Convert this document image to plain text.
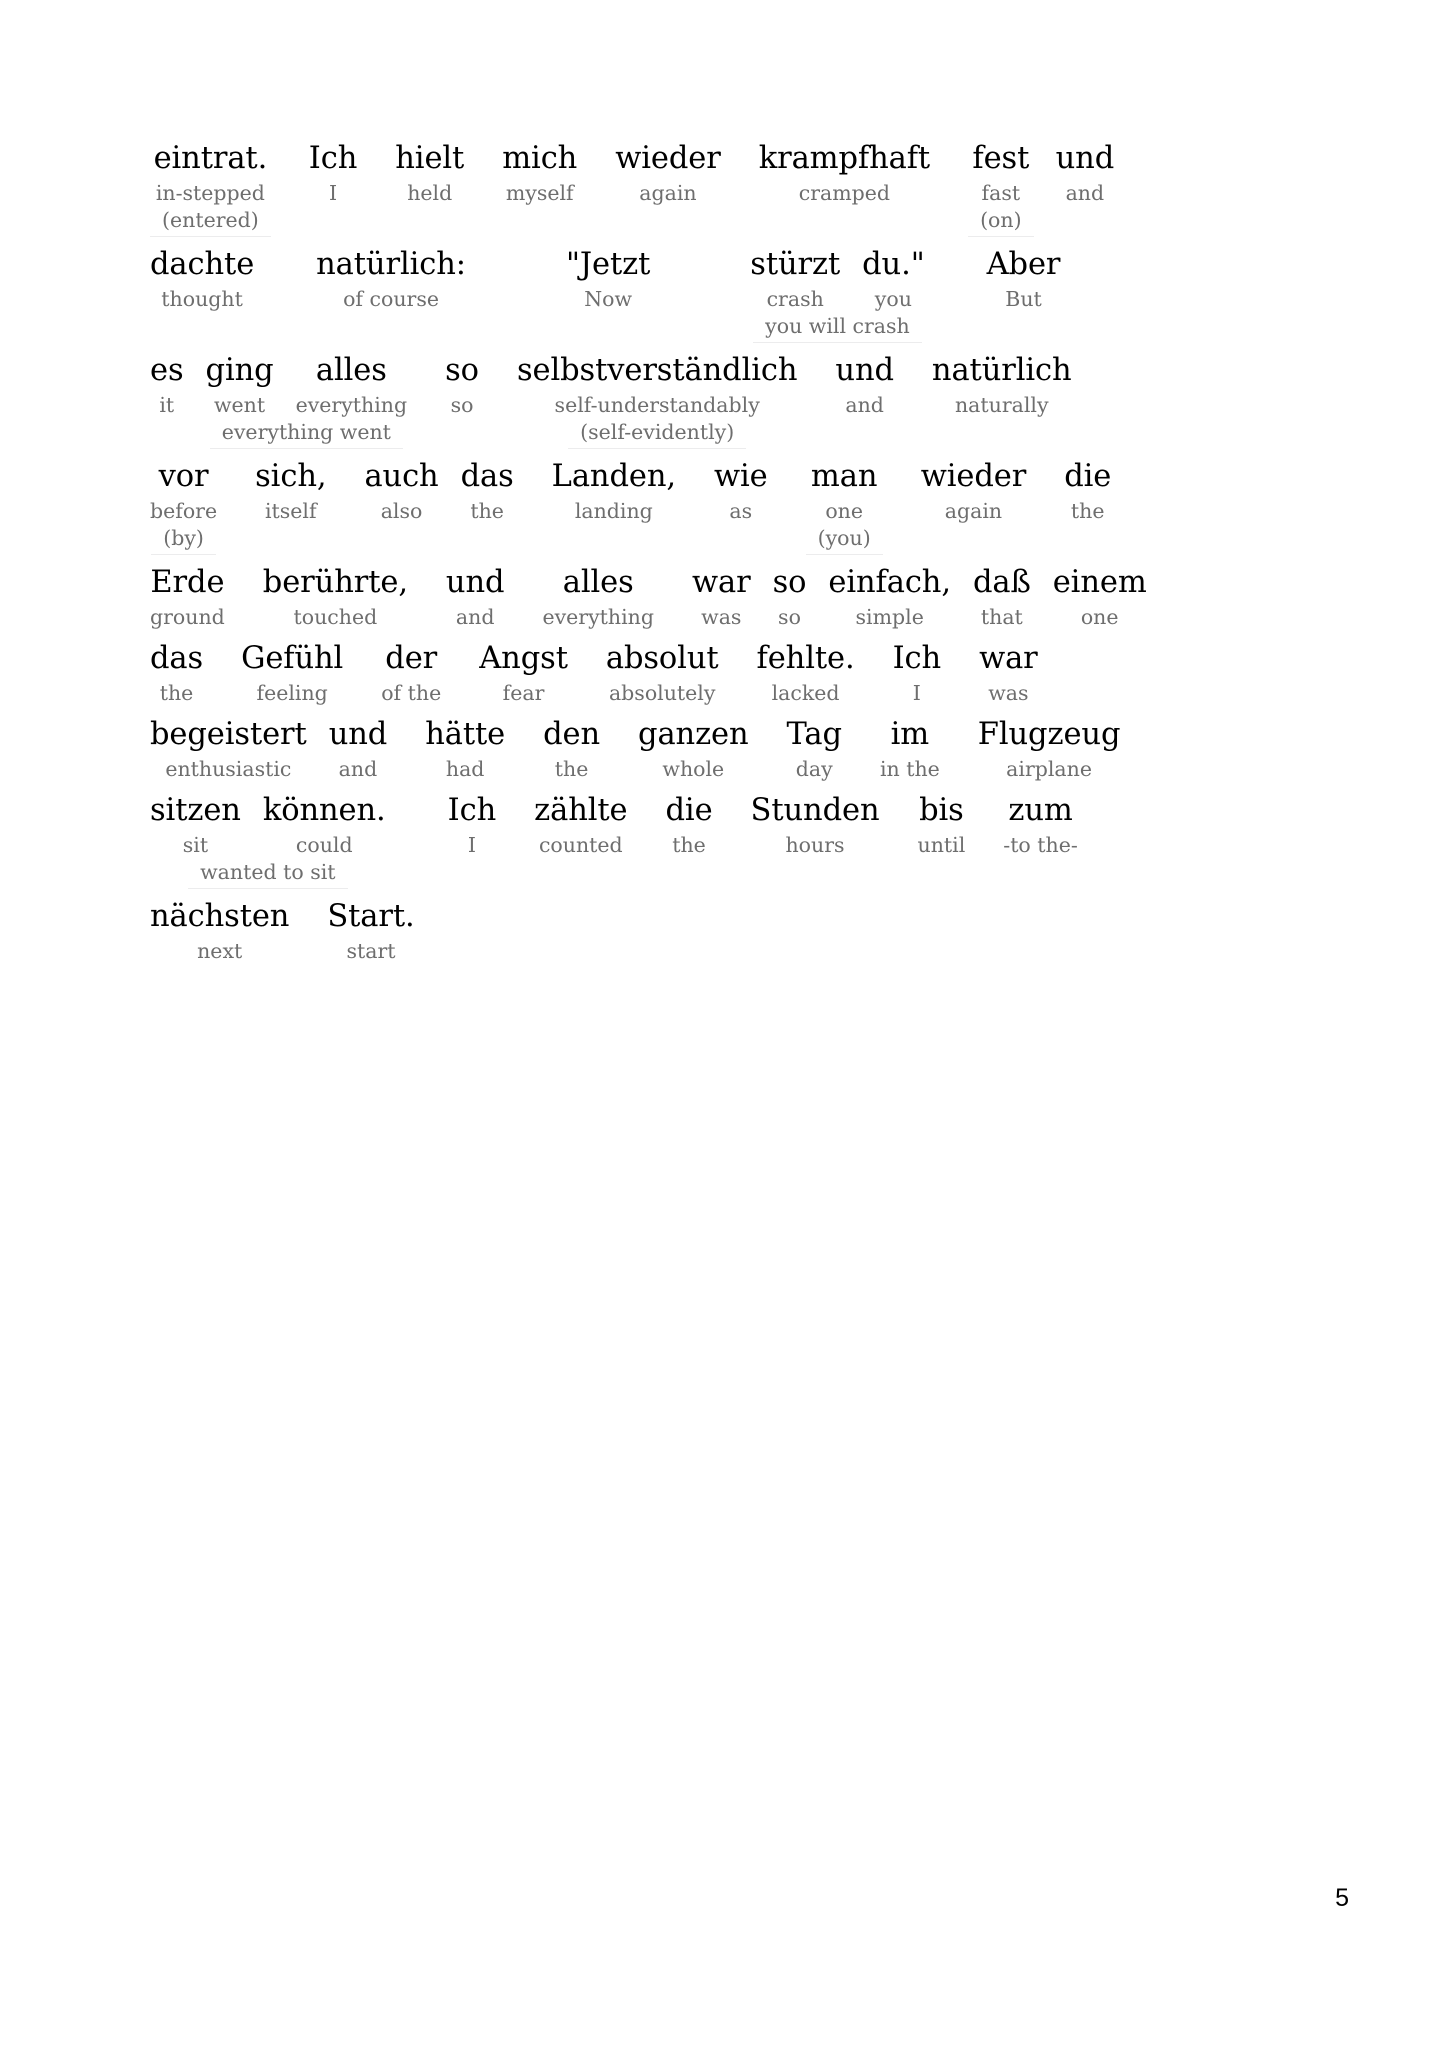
eintrat.
in-stepped
(entered)
Ich
I
hielt
held
mich
myself
wieder
again
krampfhaft
cramped
fest
fast
(on)
und
and
dachte
thought
natürlich:
of course
"Jetzt
Now
stürzt
crash
du."
you
you will crash
Aber
But
es
it
ging
went
alles
everything
everything went
so
so
selbstverständlich
self-understandably
(self-evidently)
und
and
natürlich
naturally
vor
before
(by)
sich,
itself
auch
also
das
the
Landen,
landing
wie
as
man
one
(you)
wieder
again
die
the
Erde
ground
berührte,
touched
und
and
alles
everything
war
was
so
so
einfach,
simple
daß
that
einem
one
das
the
Gefühl
feeling
der
of the
Angst
fear
absolut
absolutely
fehlte.
lacked
Ich
I
war
was
begeistert
enthusiastic
und
and
hätte
had
den
the
ganzen
whole
Tag
day
im
in the
Flugzeug
airplane
sitzen
sit
können.
could
wanted to sit
Ich
I
zählte
counted
die
the
Stunden
hours
bis
until
zum
-to the-
nächsten
next
Start.
start
5
